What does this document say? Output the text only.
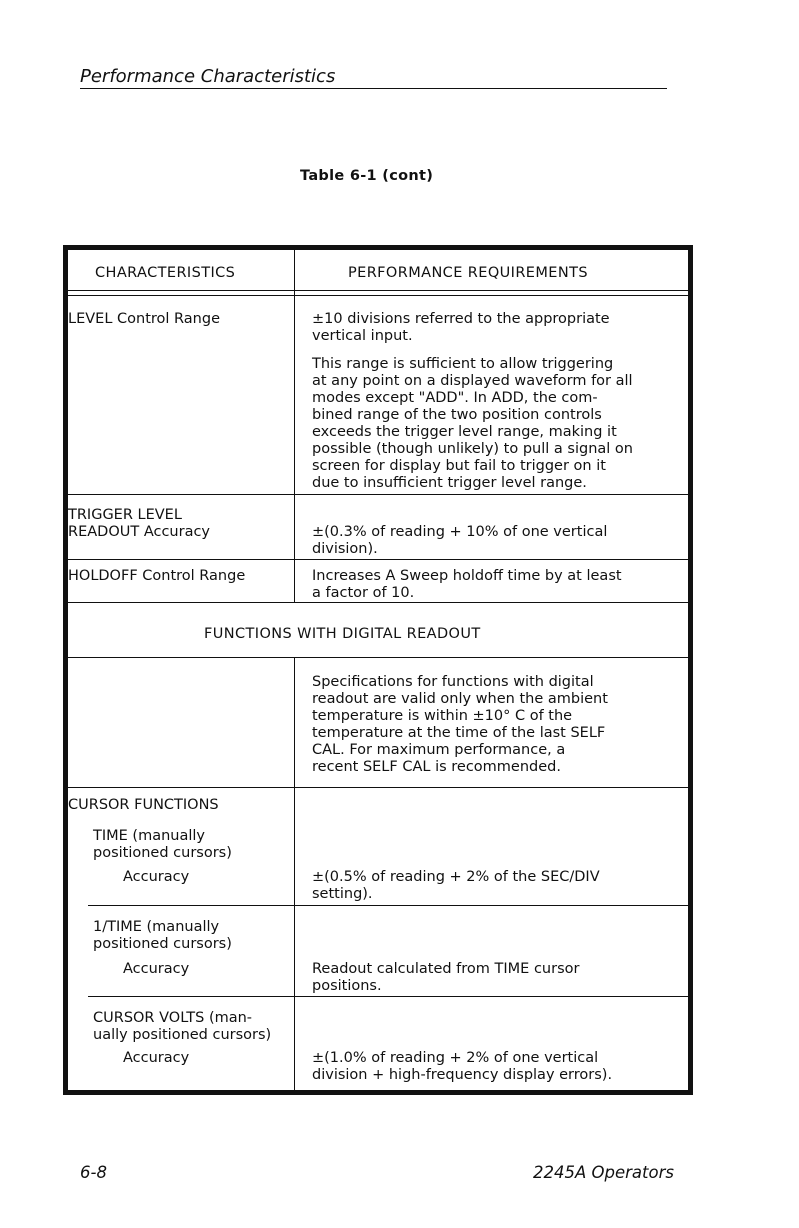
Performance Characteristics
Table 6-1 (cont)
CHARACTERISTICS	PERFORMANCE REQUIREMENTS
LEVEL Control Range	±10 divisions referred to the appropriate

vertical input.

This range is sufficient to allow triggering

at any point on a displayed waveform for all

modes except "ADD". In ADD, the com-

bined range of the two position controls

exceeds the trigger level range, making it

possible (though unlikely) to pull a signal on

screen for display but fail to trigger on it

due to insufficient trigger level range.

TRIGGER LEVEL

READOUT Accuracy	±(0.3% of reading + 10% of one vertical

division).

HOLDOFF Control Range	Increases A Sweep holdoff time by at least

a factor of 10.

FUNCTIONS WITH DIGITAL READOUT

Specifications for functions with digital

readout are valid only when the ambient

temperature is within ±10° C of the

temperature at the time of the last SELF

CAL. For maximum performance, a

recent SELF CAL is recommended.

CURSOR FUNCTIONS

TIME (manually

positioned cursors)

Accuracy	±(0.5% of reading + 2% of the SEC/DIV

setting).

1/TIME (manually

positioned cursors)

Accuracy	Readout calculated from TIME cursor

positions.

CURSOR VOLTS (man-

ually positioned cursors)

Accuracy	±(1.0% of reading + 2% of one vertical

division + high-frequency display errors).

6-8	2245A Operators
